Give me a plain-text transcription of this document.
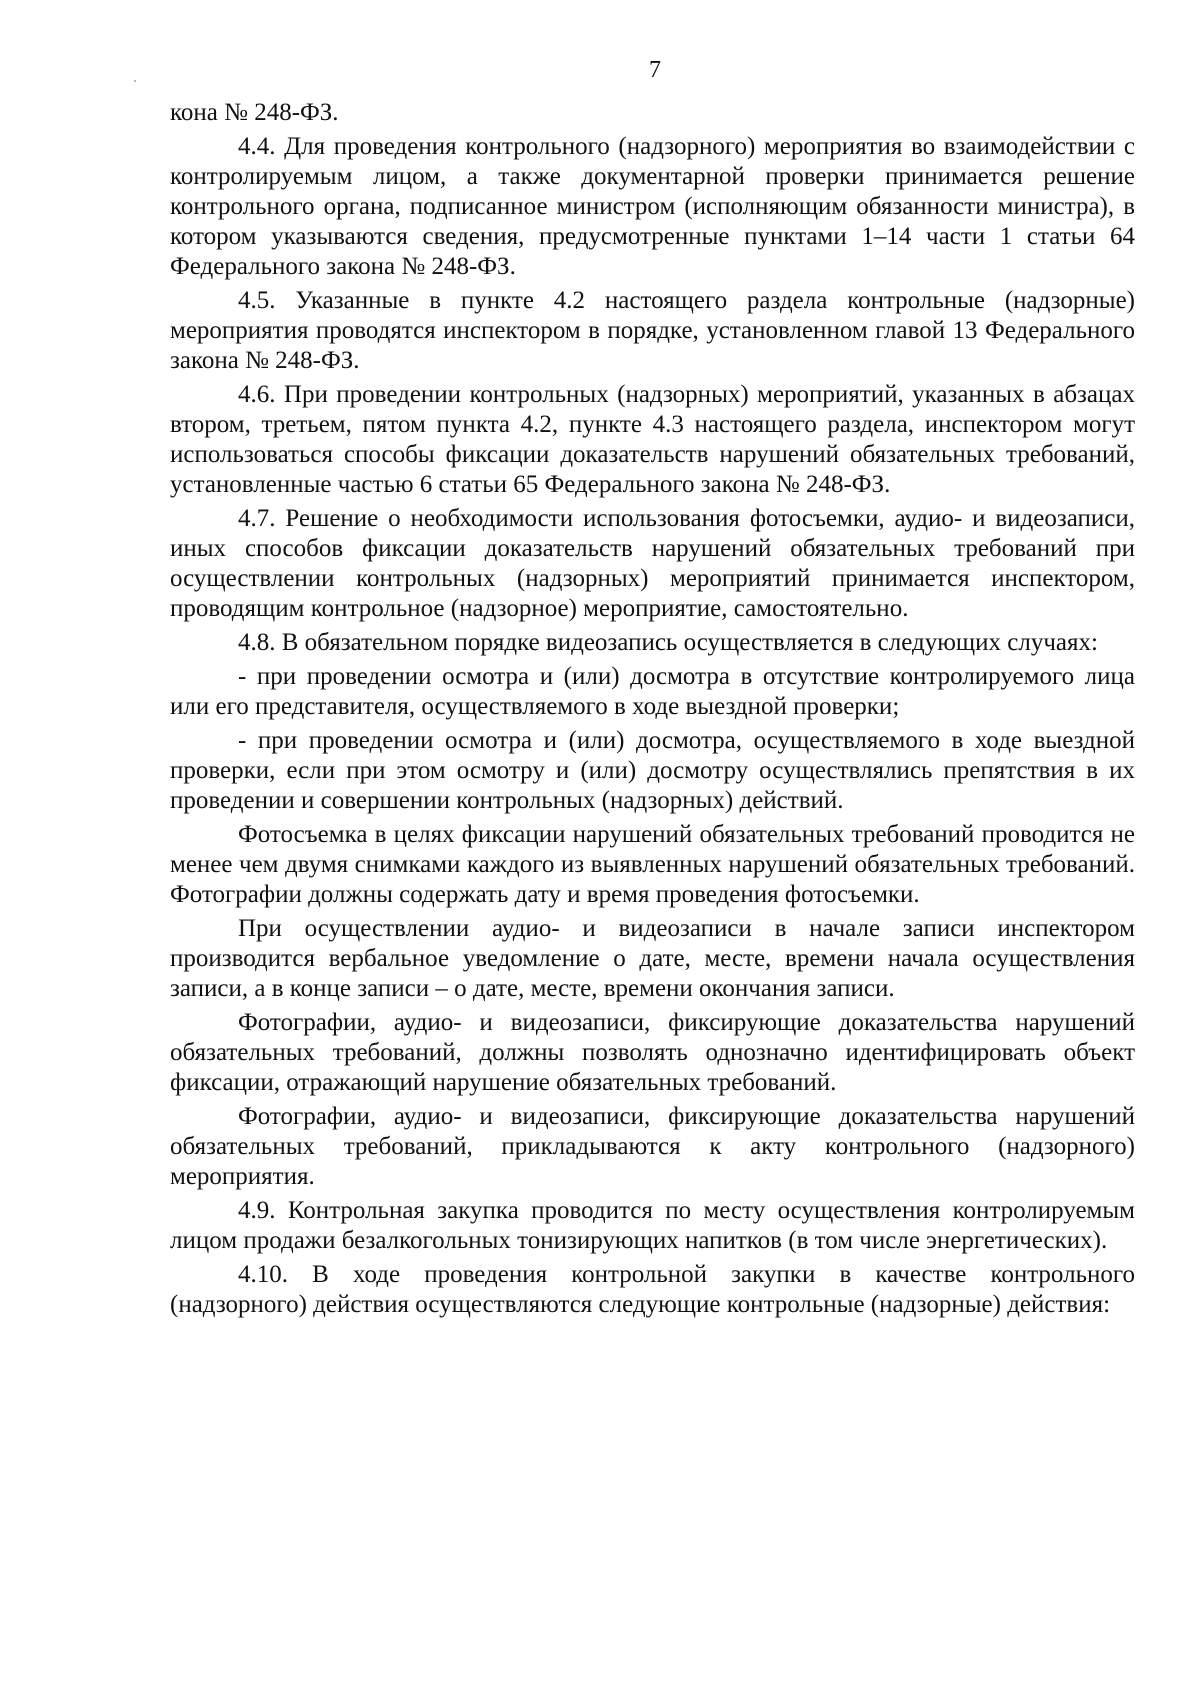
7

кона № 248-ФЗ.

4.4. Для проведения контрольного (надзорного) мероприятия во взаимодействии с контролируемым лицом, а также документарной проверки принимается решение контрольного органа, подписанное министром (исполняющим обязанности министра), в котором указываются сведения, предусмотренные пунктами 1–14 части 1 статьи 64 Федерального закона № 248-ФЗ.

4.5. Указанные в пункте 4.2 настоящего раздела контрольные (надзорные) мероприятия проводятся инспектором в порядке, установленном главой 13 Федерального закона № 248-ФЗ.

4.6. При проведении контрольных (надзорных) мероприятий, указанных в абзацах втором, третьем, пятом пункта 4.2, пункте 4.3 настоящего раздела, инспектором могут использоваться способы фиксации доказательств нарушений обязательных требований, установленные частью 6 статьи 65 Федерального закона № 248-ФЗ.

4.7. Решение о необходимости использования фотосъемки, аудио- и видеозаписи, иных способов фиксации доказательств нарушений обязательных требований при осуществлении контрольных (надзорных) мероприятий принимается инспектором, проводящим контрольное (надзорное) мероприятие, самостоятельно.

4.8. В обязательном порядке видеозапись осуществляется в следующих случаях:

- при проведении осмотра и (или) досмотра в отсутствие контролируемого лица или его представителя, осуществляемого в ходе выездной проверки;

- при проведении осмотра и (или) досмотра, осуществляемого в ходе выездной проверки, если при этом осмотру и (или) досмотру осуществлялись препятствия в их проведении и совершении контрольных (надзорных) действий.

Фотосъемка в целях фиксации нарушений обязательных требований проводится не менее чем двумя снимками каждого из выявленных нарушений обязательных требований. Фотографии должны содержать дату и время проведения фотосъемки.

При осуществлении аудио- и видеозаписи в начале записи инспектором производится вербальное уведомление о дате, месте, времени начала осуществления записи, а в конце записи – о дате, месте, времени окончания записи.

Фотографии, аудио- и видеозаписи, фиксирующие доказательства нарушений обязательных требований, должны позволять однозначно идентифицировать объект фиксации, отражающий нарушение обязательных требований.

Фотографии, аудио- и видеозаписи, фиксирующие доказательства нарушений обязательных требований, прикладываются к акту контрольного (надзорного) мероприятия.

4.9. Контрольная закупка проводится по месту осуществления контролируемым лицом продажи безалкогольных тонизирующих напитков (в том числе энергетических).

4.10. В ходе проведения контрольной закупки в качестве контрольного (надзорного) действия осуществляются следующие контрольные (надзорные) действия:
